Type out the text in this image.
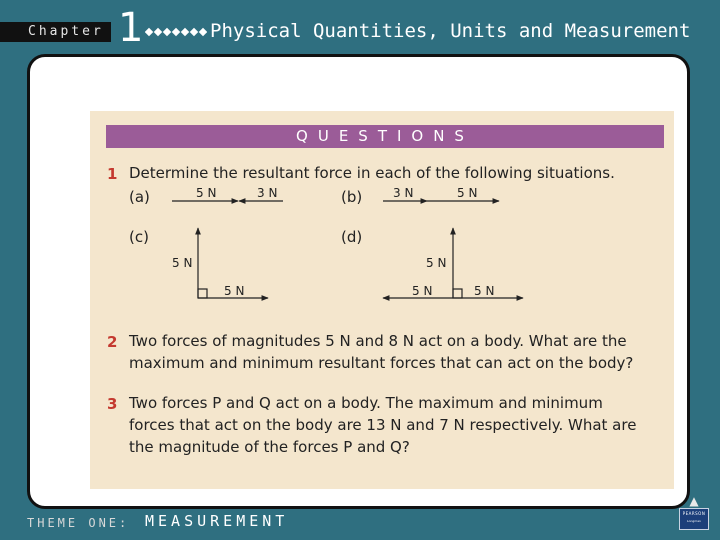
Chapter 1	Physical Quantities, Units and Measurement
QUESTIONS
1 Determine the resultant force in each of the following situations.
(a)	(b)
(c)	(d)
5 N	3 N	3 N	5 N
5 N
5 N
5 N
5 N	5 N
2 Two forces of magnitudes 5 N and 8 N act on a body. What are the
maximum and minimum resultant forces that can act on the body?
3 Two forces P and Q act on a body. The maximum and minimum
forces that act on the body are 13 N and 7 N respectively. What are
the magnitude of the forces P and Q?
THEME ONE: MEASUREMENT
▲
PEARSON
Longman
